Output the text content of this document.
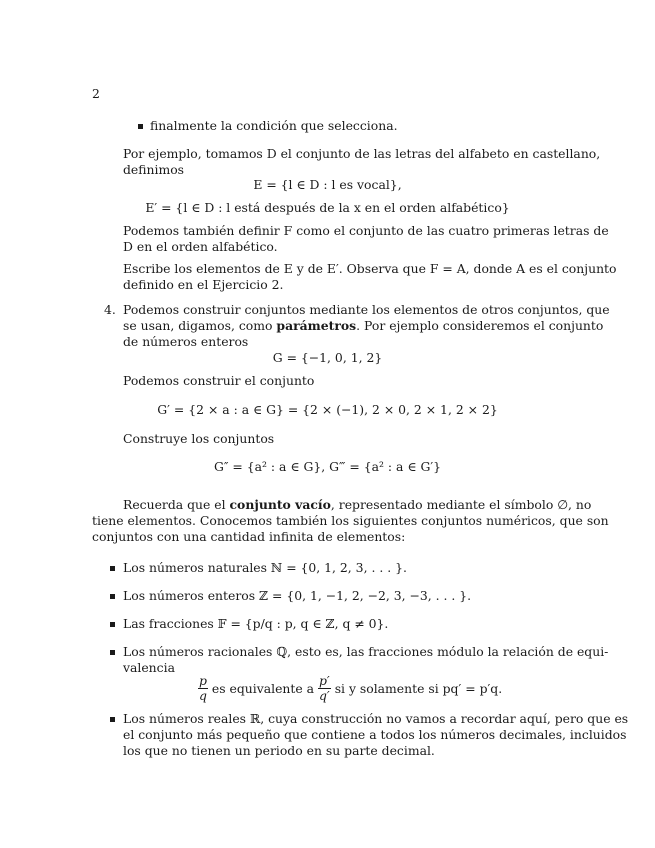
2
finalmente la condición que selecciona.
Por ejemplo, tomamos D el conjunto de las letras del alfabeto en castellano,
definimos
E = {l ∈ D : l es vocal},
E′ = {l ∈ D : l está después de la x en el orden alfabético}
Podemos también definir F como el conjunto de las cuatro primeras letras de
D en el orden alfabético.
Escribe los elementos de E y de E′. Observa que F = A, donde A es el conjunto
definido en el Ejercicio 2.
4. Podemos construir conjuntos mediante los elementos de otros conjuntos, que
se usan, digamos, como parámetros. Por ejemplo consideremos el conjunto
de números enteros
G = {−1, 0, 1, 2}
Podemos construir el conjunto
G′ = {2 × a : a ∈ G} = {2 × (−1), 2 × 0, 2 × 1, 2 × 2}
Construye los conjuntos
G″ = {a² : a ∈ G}, G‴ = {a² : a ∈ G′}
Recuerda que el conjunto vacío, representado mediante el símbolo ∅, no
tiene elementos. Conocemos también los siguientes conjuntos numéricos, que son
conjuntos con una cantidad infinita de elementos:
Los números naturales ℕ = {0, 1, 2, 3, . . . }.
Los números enteros ℤ = {0, 1, −1, 2, −2, 3, −3, . . . }.
Las fracciones 𝔽 = {p/q : p, q ∈ ℤ, q ≠ 0}.
Los números racionales ℚ, esto es, las fracciones módulo la relación de equi-
valencia
$\frac{p}{q}$ es equivalente a $\frac{p'}{q'}$ si y solamente si pq′ = p′q.
Los números reales ℝ, cuya construcción no vamos a recordar aquí, pero que es
el conjunto más pequeño que contiene a todos los números decimales, incluidos
los que no tienen un periodo en su parte decimal.
